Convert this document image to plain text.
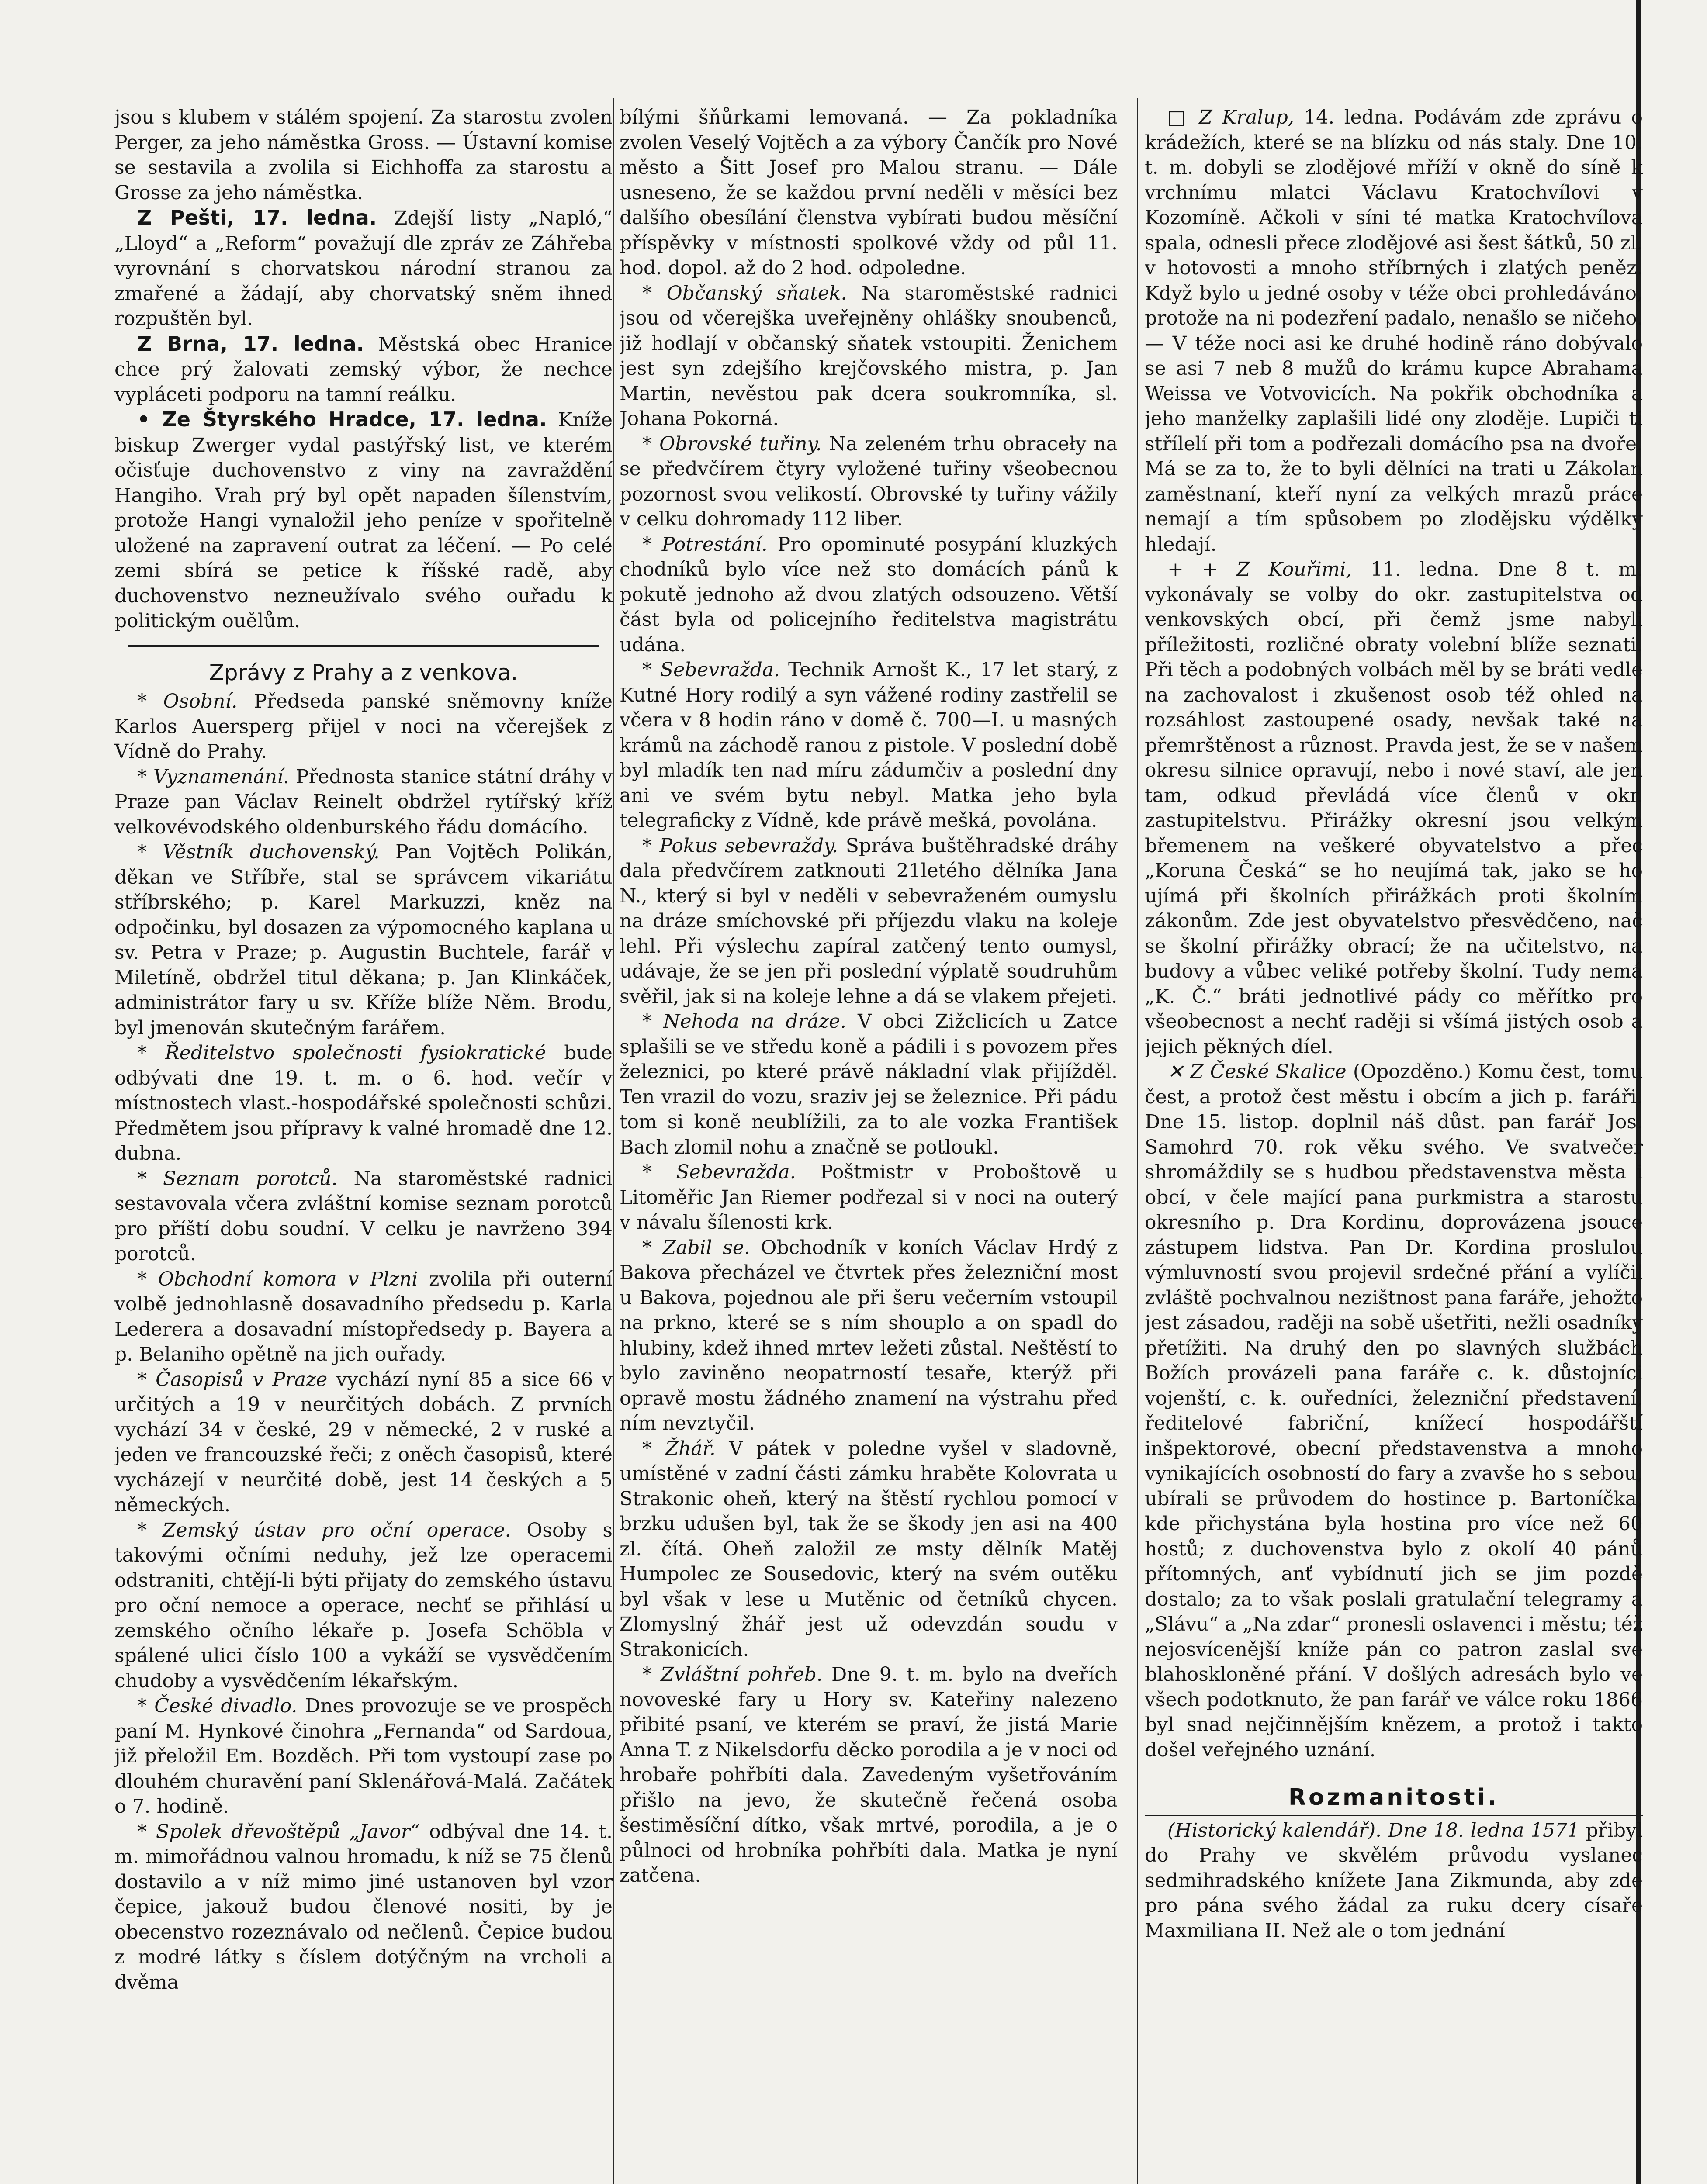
jsou s klubem v stálém spojení. Za starostu zvolen Perger, za jeho náměstka Gross. — Ústavní komise se sestavila a zvolila si Eichhoffa za starostu a Grosse za jeho náměstka.

Z Pešti, 17. ledna. Zdejší listy „Napló,“ „Lloyd“ a „Reform“ považují dle zpráv ze Záhřeba vyrovnání s chorvatskou národní stranou za zmařené a žádají, aby chorvatský sněm ihned rozpuštěn byl.

Z Brna, 17. ledna. Městská obec Hranice chce prý žalovati zemský výbor, že nechce vypláceti podporu na tamní reálku.

• Ze Štyrského Hradce, 17. ledna. Kníže biskup Zwerger vydal pastýřský list, ve kterém očisťuje duchovenstvo z viny na zavraždění Hangiho. Vrah prý byl opět napaden šílenstvím, protože Hangi vynaložil jeho peníze v spořitelně uložené na zapravení outrat za léčení. — Po celé zemi sbírá se petice k říšské radě, aby duchovenstvo nezneužívalo svého ouřadu k politickým ouělům.

Zprávy z Prahy a z venkova.

* Osobní. Předseda panské sněmovny kníže Karlos Auersperg přijel v noci na včerejšek z Vídně do Prahy.

* Vyznamenání. Přednosta stanice státní dráhy v Praze pan Václav Reinelt obdržel rytířský kříž velkovévodského oldenburského řádu domácího.

* Věstník duchovenský. Pan Vojtěch Polikán, děkan ve Stříbře, stal se správcem vikariátu stříbrského; p. Karel Markuzzi, kněz na odpočinku, byl dosazen za výpomocného kaplana u sv. Petra v Praze; p. Augustin Buchtele, farář v Miletíně, obdržel titul děkana; p. Jan Klinkáček, administrátor fary u sv. Kříže blíže Něm. Brodu, byl jmenován skutečným farářem.

* Ředitelstvo společnosti fysiokratické bude odbývati dne 19. t. m. o 6. hod. večír v místnostech vlast.-hospodářské společnosti schůzi. Předmětem jsou přípravy k valné hromadě dne 12. dubna.

* Seznam porotců. Na staroměstské radnici sestavovala včera zvláštní komise seznam porotců pro příští dobu soudní. V celku je navrženo 394 porotců.

* Obchodní komora v Plzni zvolila při outerní volbě jednohlasně dosavadního předsedu p. Karla Lederera a dosavadní místopředsedy p. Bayera a p. Belaniho opětně na jich ouřady.

* Časopisů v Praze vychází nyní 85 a sice 66 v určitých a 19 v neurčitých dobách. Z prvních vychází 34 v české, 29 v německé, 2 v ruské a jeden ve francouzské řeči; z oněch časopisů, které vycházejí v neurčité době, jest 14 českých a 5 německých.

* Zemský ústav pro oční operace. Osoby s takovými očními neduhy, jež lze operacemi odstraniti, chtějí-li býti přijaty do zemského ústavu pro oční nemoce a operace, nechť se přihlásí u zemského očního lékaře p. Josefa Schöbla v spálené ulici číslo 100 a vykáží se vysvědčením chudoby a vysvědčením lékařským.

* České divadlo. Dnes provozuje se ve prospěch paní M. Hynkové činohra „Fernanda“ od Sardoua, již přeložil Em. Bozděch. Při tom vystoupí zase po dlouhém churavění paní Sklenářová-Malá. Začátek o 7. hodině.

* Spolek dřevoštěpů „Javor“ odbýval dne 14. t. m. mimořádnou valnou hromadu, k níž se 75 členů dostavilo a v níž mimo jiné ustanoven byl vzor čepice, jakouž budou členové nositi, by je obecenstvo rozeznávalo od nečlenů. Čepice budou z modré látky s číslem dotýčným na vrcholi a dvěma

bílými šňůrkami lemovaná. — Za pokladníka zvolen Veselý Vojtěch a za výbory Čančík pro Nové město a Šitt Josef pro Malou stranu. — Dále usneseno, že se každou první neděli v měsíci bez dalšího obesílání členstva vybírati budou měsíční příspěvky v místnosti spolkové vždy od půl 11. hod. dopol. až do 2 hod. odpoledne.

* Občanský sňatek. Na staroměstské radnici jsou od včerejška uveřejněny ohlášky snoubenců, již hodlají v občanský sňatek vstoupiti. Ženichem jest syn zdejšího krejčovského mistra, p. Jan Martin, nevěstou pak dcera soukromníka, sl. Johana Pokorná.

* Obrovské tuřiny. Na zeleném trhu obraceły na se předvčírem čtyry vyložené tuřiny všeobecnou pozornost svou velikostí. Obrovské ty tuřiny vážily v celku dohromady 112 liber.

* Potrestání. Pro opominuté posypání kluzkých chodníků bylo více než sto domácích pánů k pokutě jednoho až dvou zlatých odsouzeno. Větší část byla od policejního ředitelstva magistrátu udána.

* Sebevražda. Technik Arnošt K., 17 let starý, z Kutné Hory rodilý a syn vážené rodiny zastřelil se včera v 8 hodin ráno v domě č. 700—I. u masných krámů na záchodě ranou z pistole. V poslední době byl mladík ten nad míru zádumčiv a poslední dny ani ve svém bytu nebyl. Matka jeho byla telegraficky z Vídně, kde právě mešká, povolána.

* Pokus sebevraždy. Správa buštěhradské dráhy dala předvčírem zatknouti 21letého dělníka Jana N., který si byl v neděli v sebevraženém oumyslu na dráze smíchovské při příjezdu vlaku na koleje lehl. Při výslechu zapíral zatčený tento oumysl, udávaje, že se jen při poslední výplatě soudruhům svěřil, jak si na koleje lehne a dá se vlakem přejeti.

* Nehoda na dráze. V obci Zižclicích u Zatce splašili se ve středu koně a pádili i s povozem přes železnici, po které právě nákladní vlak přijížděl. Ten vrazil do vozu, sraziv jej se železnice. Při pádu tom si koně neublížili, za to ale vozka František Bach zlomil nohu a značně se potloukl.

* Sebevražda. Poštmistr v Proboštově u Litoměřic Jan Riemer podřezal si v noci na outerý v návalu šílenosti krk.

* Zabil se. Obchodník v koních Václav Hrdý z Bakova přecházel ve čtvrtek přes železniční most u Bakova, pojednou ale při šeru večerním vstoupil na prkno, které se s ním shouplo a on spadl do hlubiny, kdež ihned mrtev ležeti zůstal. Neštěstí to bylo zaviněno neopatrností tesaře, kterýž při opravě mostu žádného znamení na výstrahu před ním nevztyčil.

* Žhář. V pátek v poledne vyšel v sladovně, umístěné v zadní části zámku hraběte Kolovrata u Strakonic oheň, který na štěstí rychlou pomocí v brzku udušen byl, tak že se škody jen asi na 400 zl. čítá. Oheň založil ze msty dělník Matěj Humpolec ze Sousedovic, který na svém outěku byl však v lese u Mutěnic od četníků chycen. Zlomyslný žhář jest už odevzdán soudu v Strakonicích.

* Zvláštní pohřeb. Dne 9. t. m. bylo na dveřích novoveské fary u Hory sv. Kateřiny nalezeno přibité psaní, ve kterém se praví, že jistá Marie Anna T. z Nikelsdorfu děcko porodila a je v noci od hrobaře pohřbíti dala. Zavedeným vyšetřováním přišlo na jevo, že skutečně řečená osoba šestiměsíční dítko, však mrtvé, porodila, a je o půlnoci od hrobníka pohřbíti dala. Matka je nyní zatčena.

□ Z Kralup, 14. ledna. Podávám zde zprávu o krádežích, které se na blízku od nás staly. Dne 10. t. m. dobyli se zlodějové mříží v okně do síně k vrchnímu mlatci Václavu Kratochvílovi v Kozomíně. Ačkoli v síni té matka Kratochvílova spala, odnesli přece zlodějové asi šest šátků, 50 zl. v hotovosti a mnoho stříbrných i zlatých peněz. Když bylo u jedné osoby v téže obci prohledáváno, protože na ni podezření padalo, nenašlo se ničeho. — V téže noci asi ke druhé hodině ráno dobývalo se asi 7 neb 8 mužů do krámu kupce Abrahama Weissa ve Votvovicích. Na pokřik obchodníka a jeho manželky zaplašili lidé ony zloděje. Lupiči ti střílelí při tom a podřezali domácího psa na dvoře. Má se za to, že to byli dělníci na trati u Zákolan zaměstnaní, kteří nyní za velkých mrazů práce nemají a tím spůsobem po zlodějsku výdělky hledají.

+ + Z Kouřimi, 11. ledna. Dne 8 t. m. vykonávaly se volby do okr. zastupitelstva od venkovských obcí, při čemž jsme nabyli příležitosti, rozličné obraty volební blíže seznati. Při těch a podobných volbách měl by se bráti vedle na zachovalost i zkušenost osob též ohled na rozsáhlost zastoupené osady, nevšak také na přemrštěnost a různost. Pravda jest, že se v našem okresu silnice opravují, nebo i nové staví, ale jen tam, odkud převládá více členů v okr. zastupitelstvu. Přirážky okresní jsou velkým břemenem na veškeré obyvatelstvo a přec „Koruna Česká“ se ho neujímá tak, jako se ho ujímá při školních přirážkách proti školním zákonům. Zde jest obyvatelstvo přesvědčeno, nač se školní přirážky obrací; že na učitelstvo, na budovy a vůbec veliké potřeby školní. Tudy nemá „K. Č.“ bráti jednotlivé pády co měřítko pro všeobecnost a nechť raději si všímá jistých osob a jejich pěkných díel.

✕ Z České Skalice (Opozděno.) Komu čest, tomu čest, a protož čest městu i obcím a jich p. faráři. Dne 15. listop. doplnil náš důst. pan farář Jos. Samohrd 70. rok věku svého. Ve svatvečer shromáždily se s hudbou představenstva města i obcí, v čele mající pana purkmistra a starostu okresního p. Dra Kordinu, doprovázena jsouce zástupem lidstva. Pan Dr. Kordina proslulou výmluvností svou projevil srdečné přání a vylíčil zvláště pochvalnou nezištnost pana faráře, jehožto jest zásadou, raději na sobě ušetřiti, nežli osadníky přetížiti. Na druhý den po slavných službách Božích provázeli pana faráře c. k. důstojníci vojenští, c. k. ouředníci, železniční představení, ředitelové fabriční, knížecí hospodářští inšpektorové, obecní představenstva a mnoho vynikajících osobností do fary a zvavše ho s sebou, ubírali se průvodem do hostince p. Bartoníčka, kde přichystána byla hostina pro více než 60 hostů; z duchovenstva bylo z okolí 40 pánů přítomných, anť vybídnutí jich se jim pozdě dostalo; za to však poslali gratulační telegramy a „Slávu“ a „Na zdar“ pronesli oslavenci i městu; též nejosvícenější kníže pán co patron zaslal své blahoskloněné přání. V došlých adresách bylo ve všech podotknuto, že pan farář ve válce roku 1866 byl snad nejčinnějším knězem, a protož i takto došel veřejného uznání.

Rozmanitosti.

(Historický kalendář). Dne 18. ledna 1571 přibyl do Prahy ve skvělém průvodu vyslanec sedmihradského knížete Jana Zikmunda, aby zde pro pána svého žádal za ruku dcery císaře Maxmiliana II. Než ale o tom jednání
